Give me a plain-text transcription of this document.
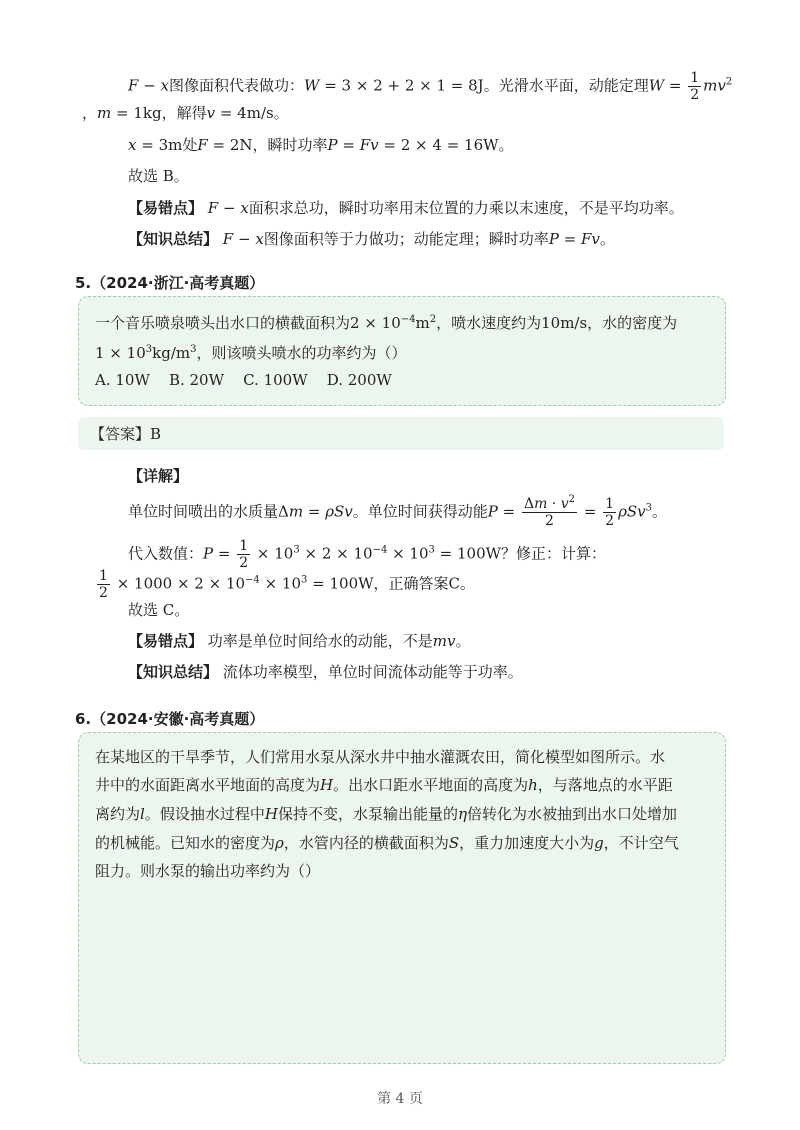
F − x图像面积代表做功：W = 3 × 2 + 2 × 1 = 8J。光滑水平面，动能定理$W = \frac{1}{2} mv^2$
，m = 1kg，解得v = 4m/s。
x = 3m处F = 2N，瞬时功率P = Fv = 2 × 4 = 16W。
故选 B。
【易错点】 F − x面积求总功，瞬时功率用末位置的力乘以末速度，不是平均功率。
【知识总结】 F − x图像面积等于力做功；动能定理；瞬时功率P = Fv。
5.（2024·浙江·高考真题）
一个音乐喷泉喷头出水口的横截面积为$2 \times 10^{-4}m^2$，喷水速度约为10m/s，水的密度为
$1 \times 10^3kg/m^3$，则该喷头喷水的功率约为（）
A. 10W B. 20W C. 100W D. 200W
【答案】B
【详解】
单位时间喷出的水质量Δm = ρSv。单位时间获得动能$P = \frac{\Delta m \cdot v^2}{2} = \frac{1}{2} \rho Sv^3$。
代入数值：$P = \frac{1}{2} \times 10^3 \times 2 \times 10^{-4} \times 10^3 = 100W$？修正：计算：
$\frac{1}{2} \times 1000 \times 2 \times 10^{-4} \times 10^3 = 100W$，正确答案C。
故选 C。
【易错点】 功率是单位时间给水的动能，不是mv。
【知识总结】 流体功率模型，单位时间流体动能等于功率。
6.（2024·安徽·高考真题）
在某地区的干旱季节，人们常用水泵从深水井中抽水灌溉农田，简化模型如图所示。水
井中的水面距离水平地面的高度为H。出水口距水平地面的高度为h，与落地点的水平距
离约为l。假设抽水过程中H保持不变，水泵输出能量的η倍转化为水被抽到出水口处增加
的机械能。已知水的密度为ρ，水管内径的横截面积为S，重力加速度大小为g，不计空气
阻力。则水泵的输出功率约为（）
第 4 页
